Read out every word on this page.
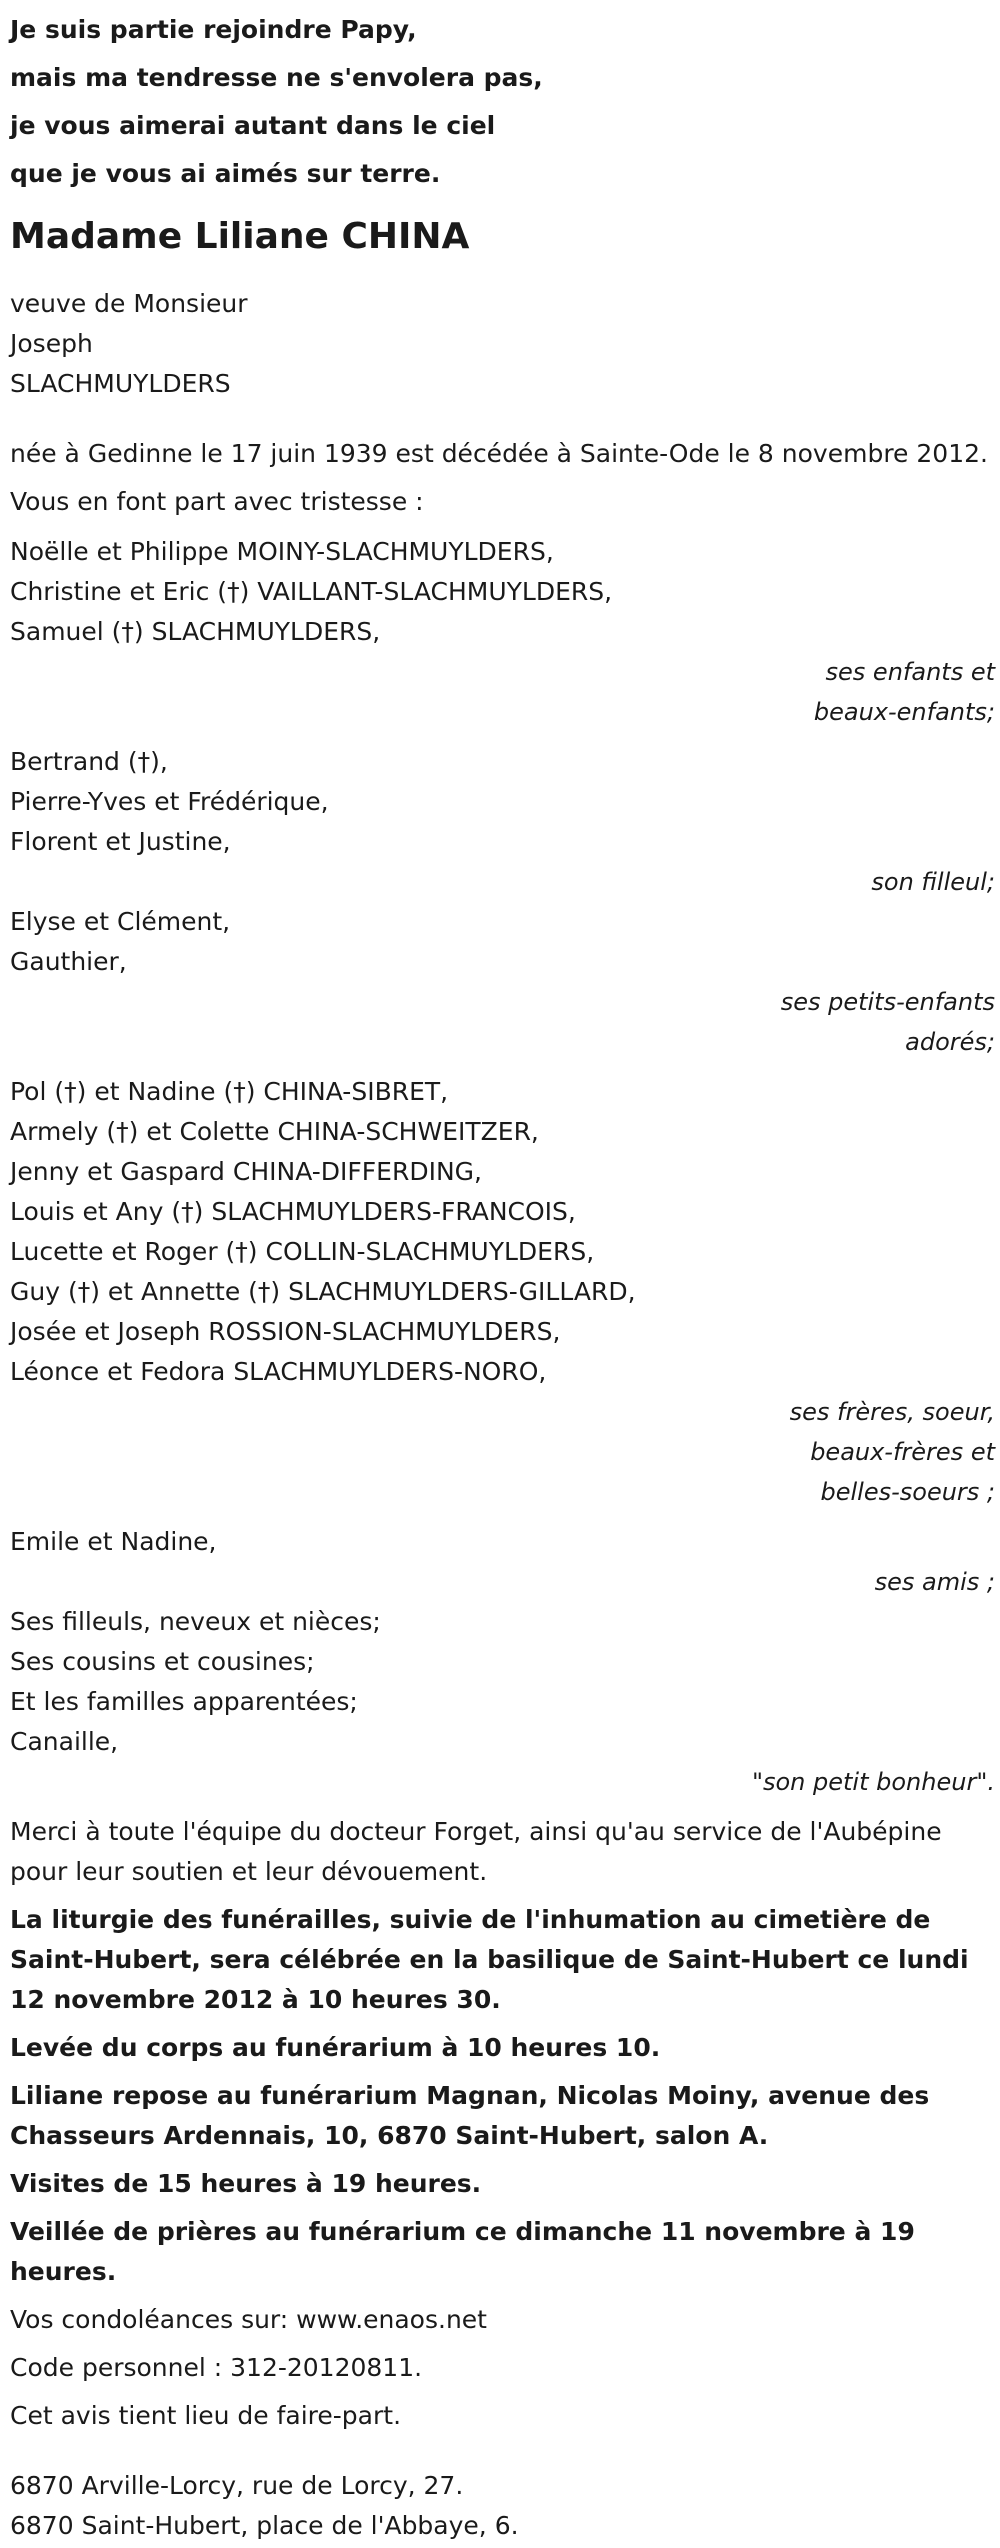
Je suis partie rejoindre Papy,

mais ma tendresse ne s'envolera pas,

je vous aimerai autant dans le ciel

que je vous ai aimés sur terre.

Madame Liliane CHINA

veuve de Monsieur

Joseph

SLACHMUYLDERS

née à Gedinne le 17 juin 1939 est décédée à Sainte-Ode le 8 novembre 2012.

Vous en font part avec tristesse :

Noëlle et Philippe MOINY-SLACHMUYLDERS,

Christine et Eric (†) VAILLANT-SLACHMUYLDERS,

Samuel (†) SLACHMUYLDERS,

ses enfants et

beaux-enfants;

Bertrand (†),

Pierre-Yves et Frédérique,

Florent et Justine,

son filleul;

Elyse et Clément,

Gauthier,

ses petits-enfants

adorés;

Pol (†) et Nadine (†) CHINA-SIBRET,

Armely (†) et Colette CHINA-SCHWEITZER,

Jenny et Gaspard CHINA-DIFFERDING,

Louis et Any (†) SLACHMUYLDERS-FRANCOIS,

Lucette et Roger (†) COLLIN-SLACHMUYLDERS,

Guy (†) et Annette (†) SLACHMUYLDERS-GILLARD,

Josée et Joseph ROSSION-SLACHMUYLDERS,

Léonce et Fedora SLACHMUYLDERS-NORO,

ses frères, soeur,

beaux-frères et

belles-soeurs ;

Emile et Nadine,

ses amis ;

Ses filleuls, neveux et nièces;

Ses cousins et cousines;

Et les familles apparentées;

Canaille,

"son petit bonheur".

Merci à toute l'équipe du docteur Forget, ainsi qu'au service de l'Aubépine pour leur soutien et leur dévouement.

La liturgie des funérailles, suivie de l'inhumation au cimetière de Saint-Hubert, sera célébrée en la basilique de Saint-Hubert ce lundi 12 novembre 2012 à 10 heures 30.

Levée du corps au funérarium à 10 heures 10.

Liliane repose au funérarium Magnan, Nicolas Moiny, avenue des Chasseurs Ardennais, 10, 6870 Saint-Hubert, salon A.

Visites de 15 heures à 19 heures.

Veillée de prières au funérarium ce dimanche 11 novembre à 19 heures.

Vos condoléances sur: www.enaos.net

Code personnel : 312-20120811.

Cet avis tient lieu de faire-part.

6870 Arville-Lorcy, rue de Lorcy, 27.

6870 Saint-Hubert, place de l'Abbaye, 6.
